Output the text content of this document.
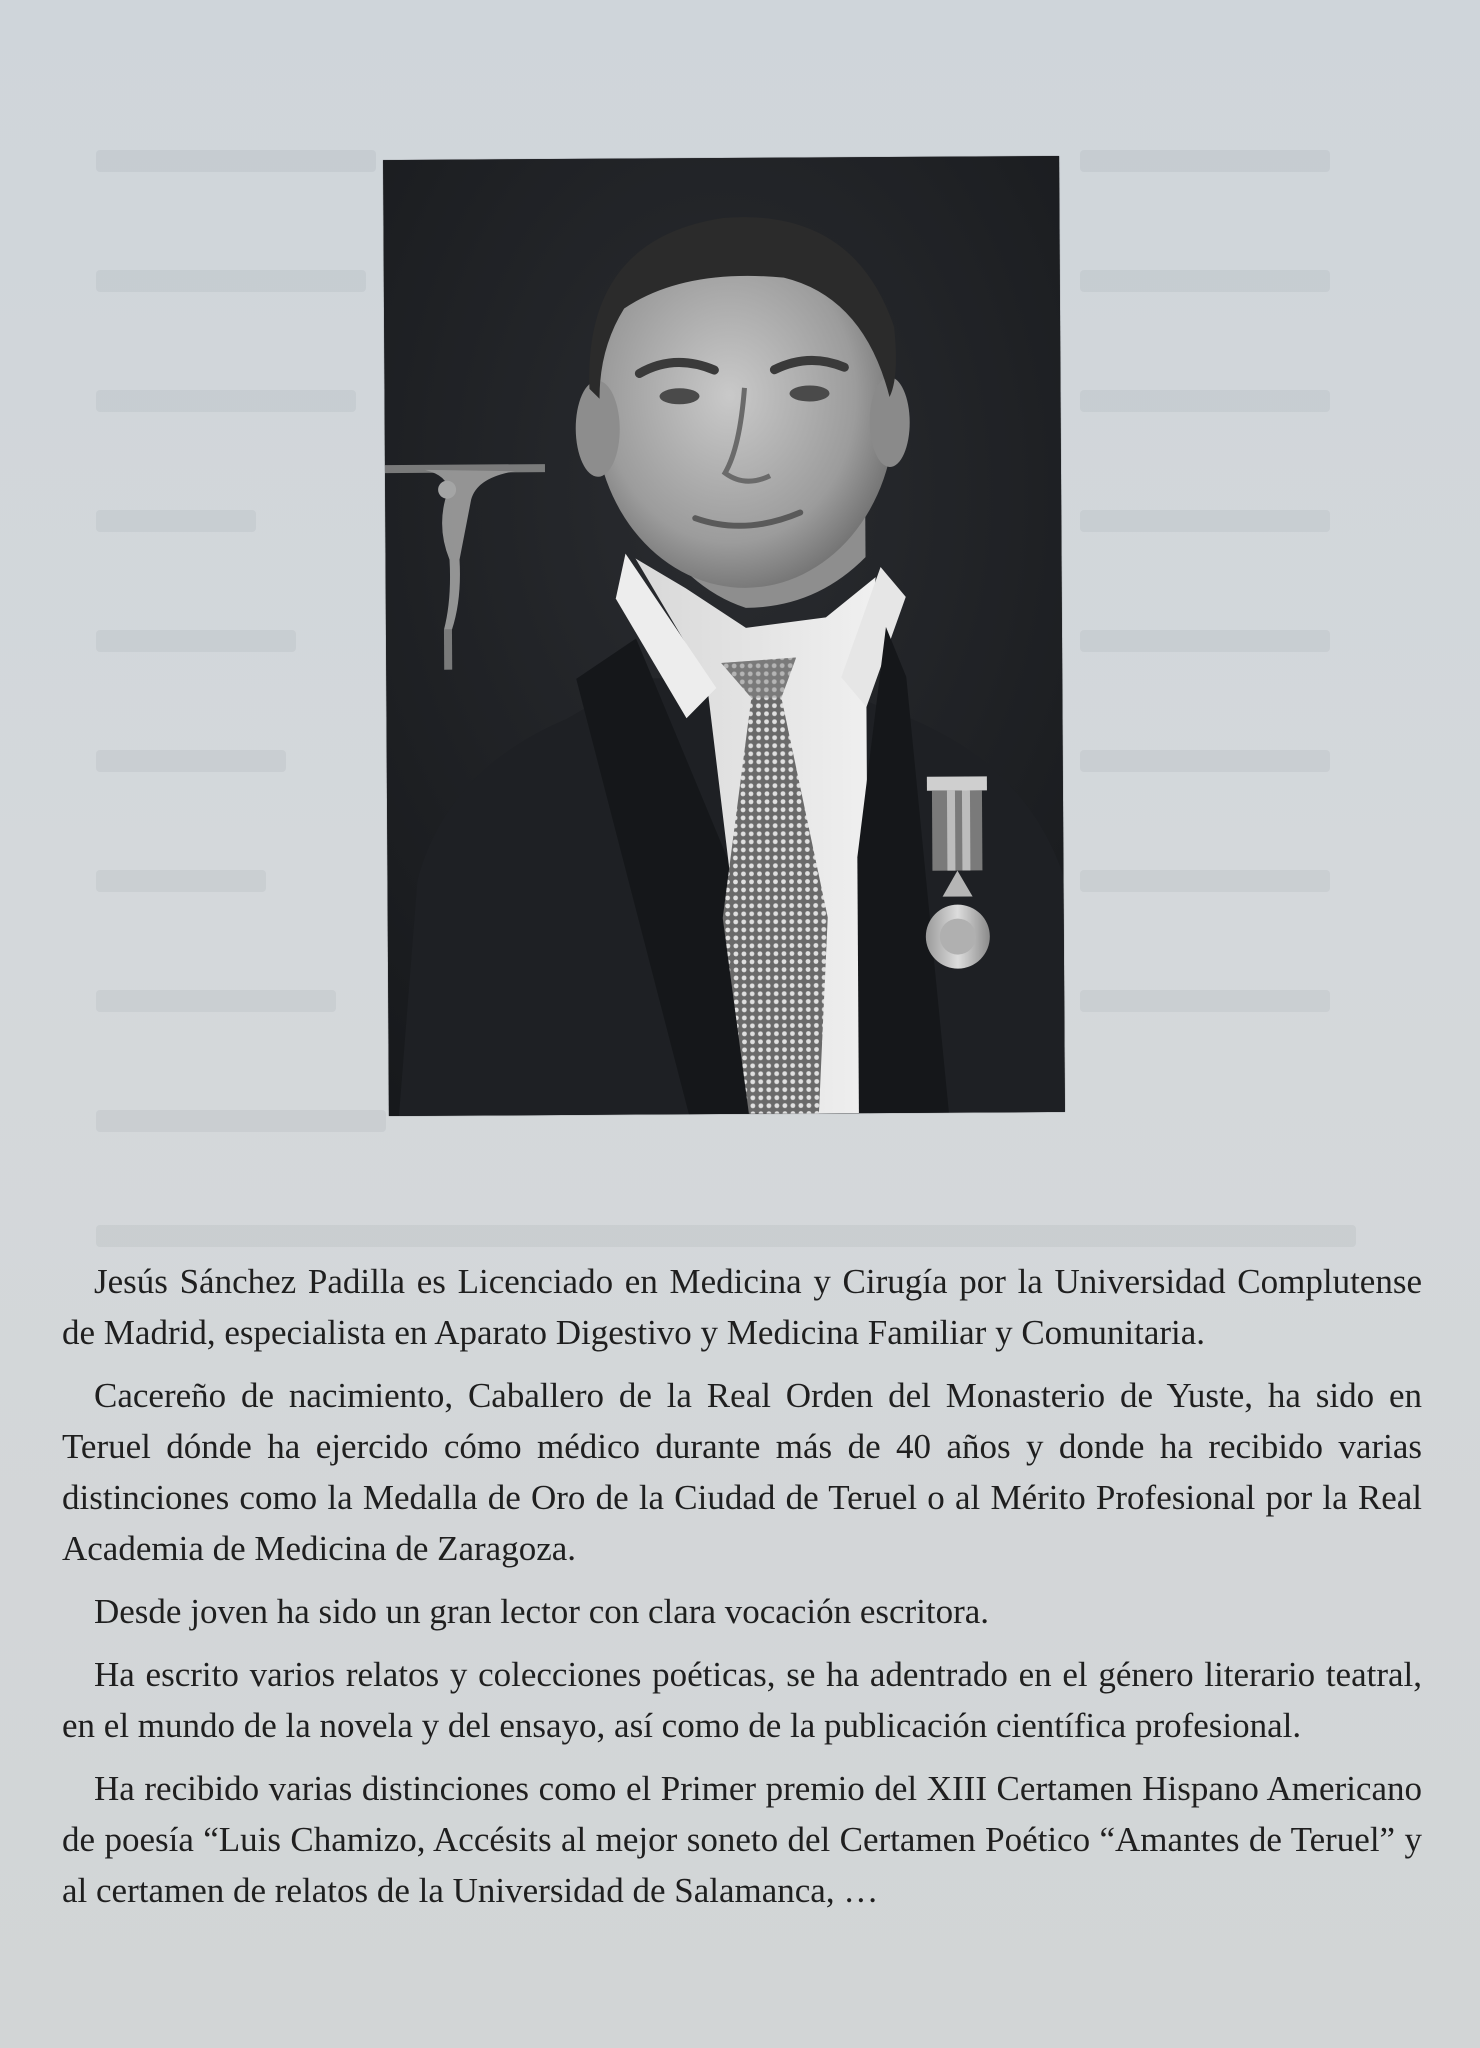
Jesús Sánchez Padilla es Licenciado en Medicina y Cirugía por la Universidad Complutense de Madrid, especialista en Aparato Digestivo y Medicina Familiar y Comunitaria.

Cacereño de nacimiento, Caballero de la Real Orden del Monasterio de Yuste, ha sido en Teruel dónde ha ejercido cómo médico durante más de 40 años y donde ha recibido varias distinciones como la Medalla de Oro de la Ciudad de Teruel o al Mérito Profesional por la Real Academia de Medicina de Zaragoza.

Desde joven ha sido un gran lector con clara vocación escritora.

Ha escrito varios relatos y colecciones poéticas, se ha adentrado en el género literario teatral, en el mundo de la novela y del ensayo, así como de la publicación científica profesional.

Ha recibido varias distinciones como el Primer premio del XIII Certamen Hispano Americano de poesía “Luis Chamizo, Accésits al mejor soneto del Certamen Poético “Amantes de Teruel” y al certamen de relatos de la Universidad de Salamanca, …
